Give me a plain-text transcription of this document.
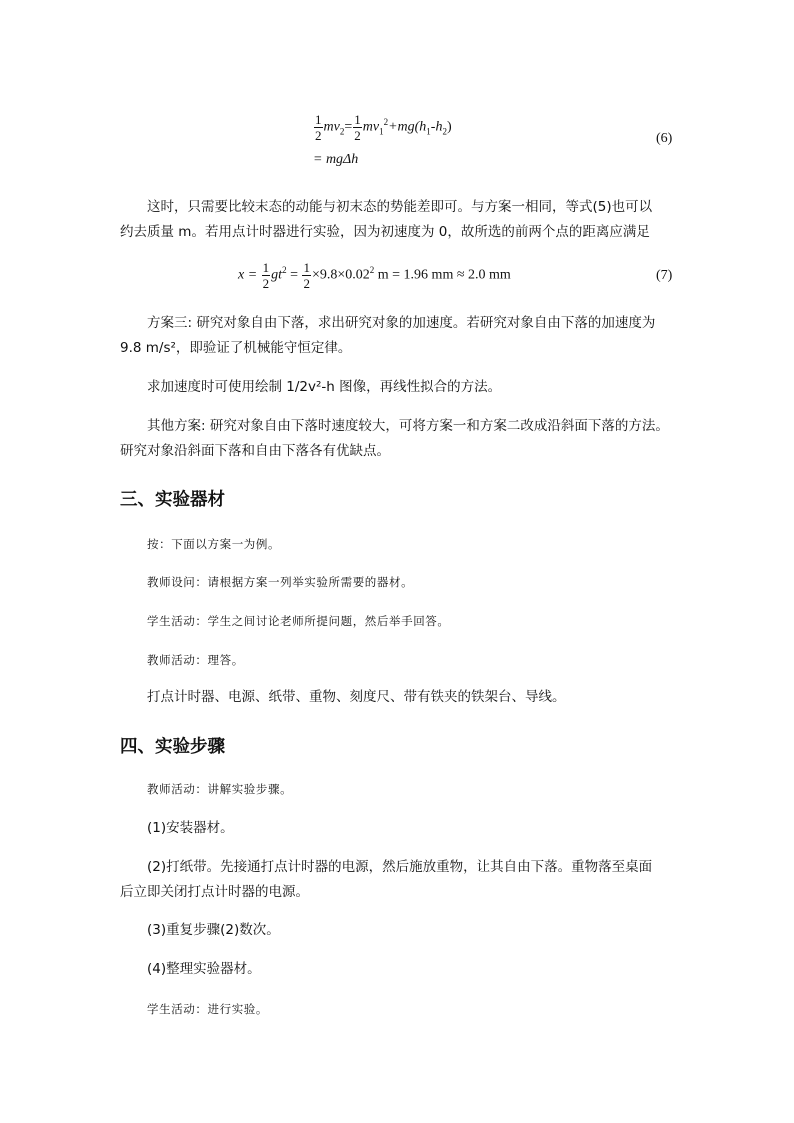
$\frac{1}{2} mv_2= \frac{1}{2} mv_1^2+mg(h_1-h_2)$
= mgΔh
(6)
这时，只需要比较末态的动能与初末态的势能差即可。与方案一相同，等式(5)也可以
约去质量 m。若用点计时器进行实验，因为初速度为 0，故所选的前两个点的距离应满足
$x = \frac{1}{2} gt^2 = \frac{1}{2} \times 9.8\times 0.02^2$ m = 1.96 mm ≈ 2.0 mm	(7)
方案三: 研究对象自由下落，求出研究对象的加速度。若研究对象自由下落的加速度为
9.8 m/s²，即验证了机械能守恒定律。
求加速度时可使用绘制 1/2v²-h 图像，再线性拟合的方法。
其他方案: 研究对象自由下落时速度较大，可将方案一和方案二改成沿斜面下落的方法。
研究对象沿斜面下落和自由下落各有优缺点。
三、实验器材
按：下面以方案一为例。
教师设问：请根据方案一列举实验所需要的器材。
学生活动：学生之间讨论老师所提问题，然后举手回答。
教师活动：理答。
打点计时器、电源、纸带、重物、刻度尺、带有铁夹的铁架台、导线。
四、实验步骤
教师活动：讲解实验步骤。
(1)安装器材。
(2)打纸带。先接通打点计时器的电源，然后施放重物，让其自由下落。重物落至桌面
后立即关闭打点计时器的电源。
(3)重复步骤(2)数次。
(4)整理实验器材。
学生活动：进行实验。
